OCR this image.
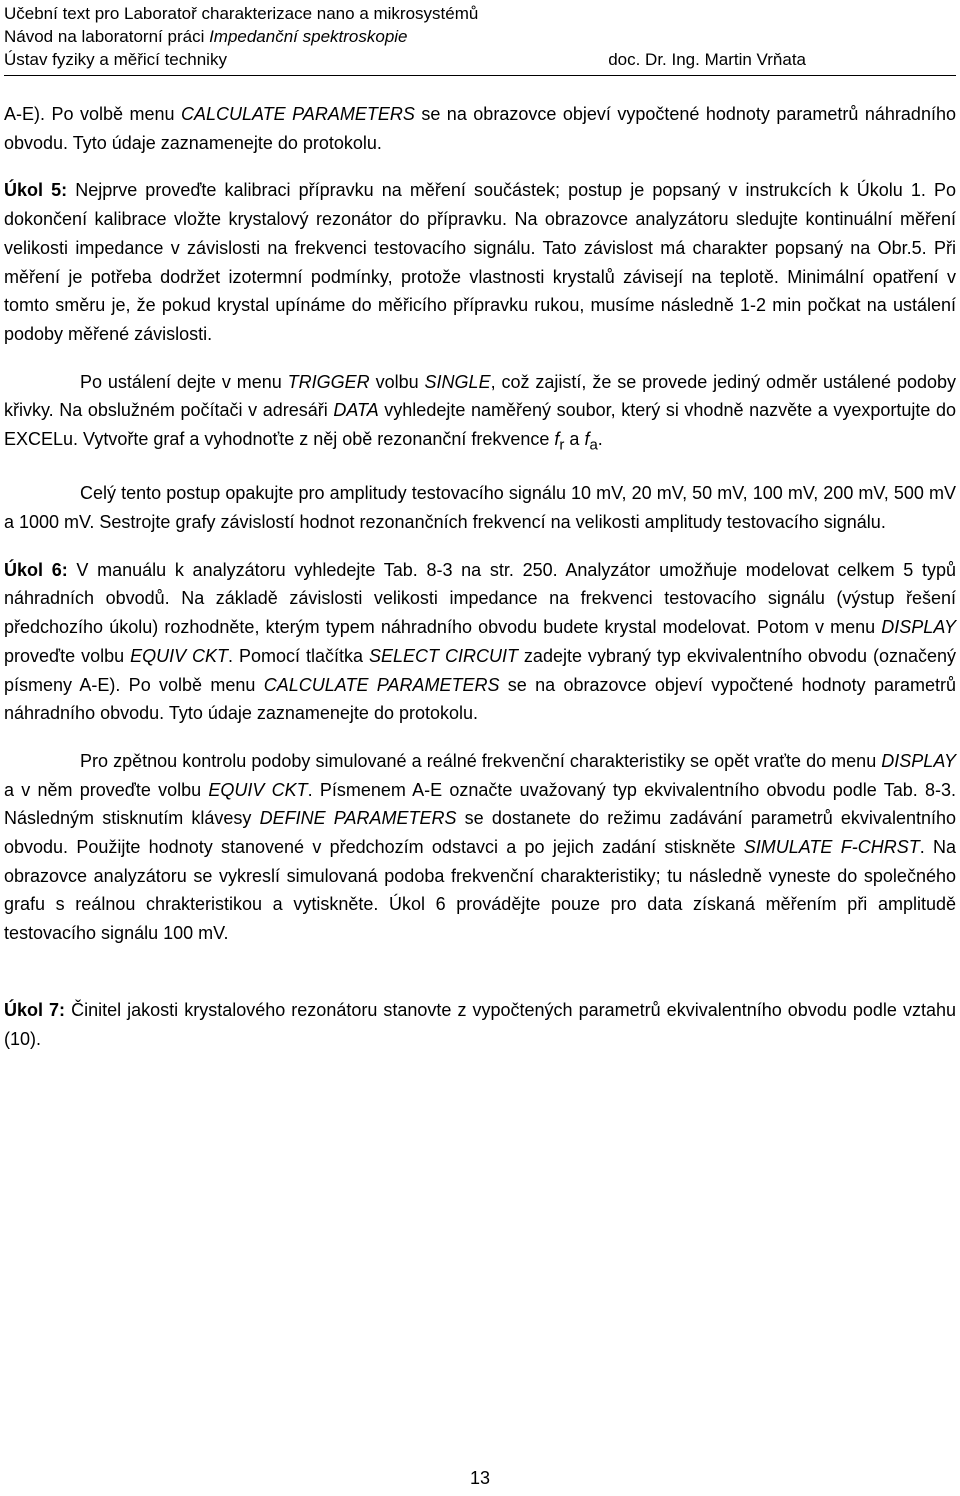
Učební text pro Laboratoř charakterizace nano a mikrosystémů
Návod na laboratorní práci Impedanční spektroskopie
Ústav fyziky a měřicí techniky	doc. Dr. Ing. Martin Vrňata

A-E). Po volbě menu CALCULATE PARAMETERS se na obrazovce objeví vypočtené hodnoty parametrů náhradního obvodu. Tyto údaje zaznamenejte do protokolu.

Úkol 5: Nejprve proveďte kalibraci přípravku na měření součástek; postup je popsaný v instrukcích k Úkolu 1. Po dokončení kalibrace vložte krystalový rezonátor do přípravku. Na obrazovce analyzátoru sledujte kontinuální měření velikosti impedance v závislosti na frekvenci testovacího signálu. Tato závislost má charakter popsaný na Obr.5. Při měření je potřeba dodržet izotermní podmínky, protože vlastnosti krystalů závisejí na teplotě. Minimální opatření v tomto směru je, že pokud krystal upínáme do měřicího přípravku rukou, musíme následně 1-2 min počkat na ustálení podoby měřené závislosti.

Po ustálení dejte v menu TRIGGER volbu SINGLE, což zajistí, že se provede jediný odměr ustálené podoby křivky. Na obslužném počítači v adresáři DATA vyhledejte naměřený soubor, který si vhodně nazvěte a vyexportujte do EXCELu. Vytvořte graf a vyhodnoťte z něj obě rezonanční frekvence $f_r$ a $f_a$.

Celý tento postup opakujte pro amplitudy testovacího signálu 10 mV, 20 mV, 50 mV, 100 mV, 200 mV, 500 mV a 1000 mV. Sestrojte grafy závislostí hodnot rezonančních frekvencí na velikosti amplitudy testovacího signálu.

Úkol 6: V manuálu k analyzátoru vyhledejte Tab. 8-3 na str. 250. Analyzátor umožňuje modelovat celkem 5 typů náhradních obvodů. Na základě závislosti velikosti impedance na frekvenci testovacího signálu (výstup řešení předchozího úkolu) rozhodněte, kterým typem náhradního obvodu budete krystal modelovat. Potom v menu DISPLAY proveďte volbu EQUIV CKT. Pomocí tlačítka SELECT CIRCUIT zadejte vybraný typ ekvivalentního obvodu (označený písmeny A-E). Po volbě menu CALCULATE PARAMETERS se na obrazovce objeví vypočtené hodnoty parametrů náhradního obvodu. Tyto údaje zaznamenejte do protokolu.

Pro zpětnou kontrolu podoby simulované a reálné frekvenční charakteristiky se opět vraťte do menu DISPLAY a v něm proveďte volbu EQUIV CKT. Písmenem A-E označte uvažovaný typ ekvivalentního obvodu podle Tab. 8-3. Následným stisknutím klávesy DEFINE PARAMETERS se dostanete do režimu zadávání parametrů ekvivalentního obvodu. Použijte hodnoty stanovené v předchozím odstavci a po jejich zadání stiskněte SIMULATE F-CHRST. Na obrazovce analyzátoru se vykreslí simulovaná podoba frekvenční charakteristiky; tu následně vyneste do společného grafu s reálnou chrakteristikou a vytiskněte. Úkol 6 provádějte pouze pro data získaná měřením při amplitudě testovacího signálu 100 mV.

Úkol 7: Činitel jakosti krystalového rezonátoru stanovte z vypočtených parametrů ekvivalentního obvodu podle vztahu (10).

13
